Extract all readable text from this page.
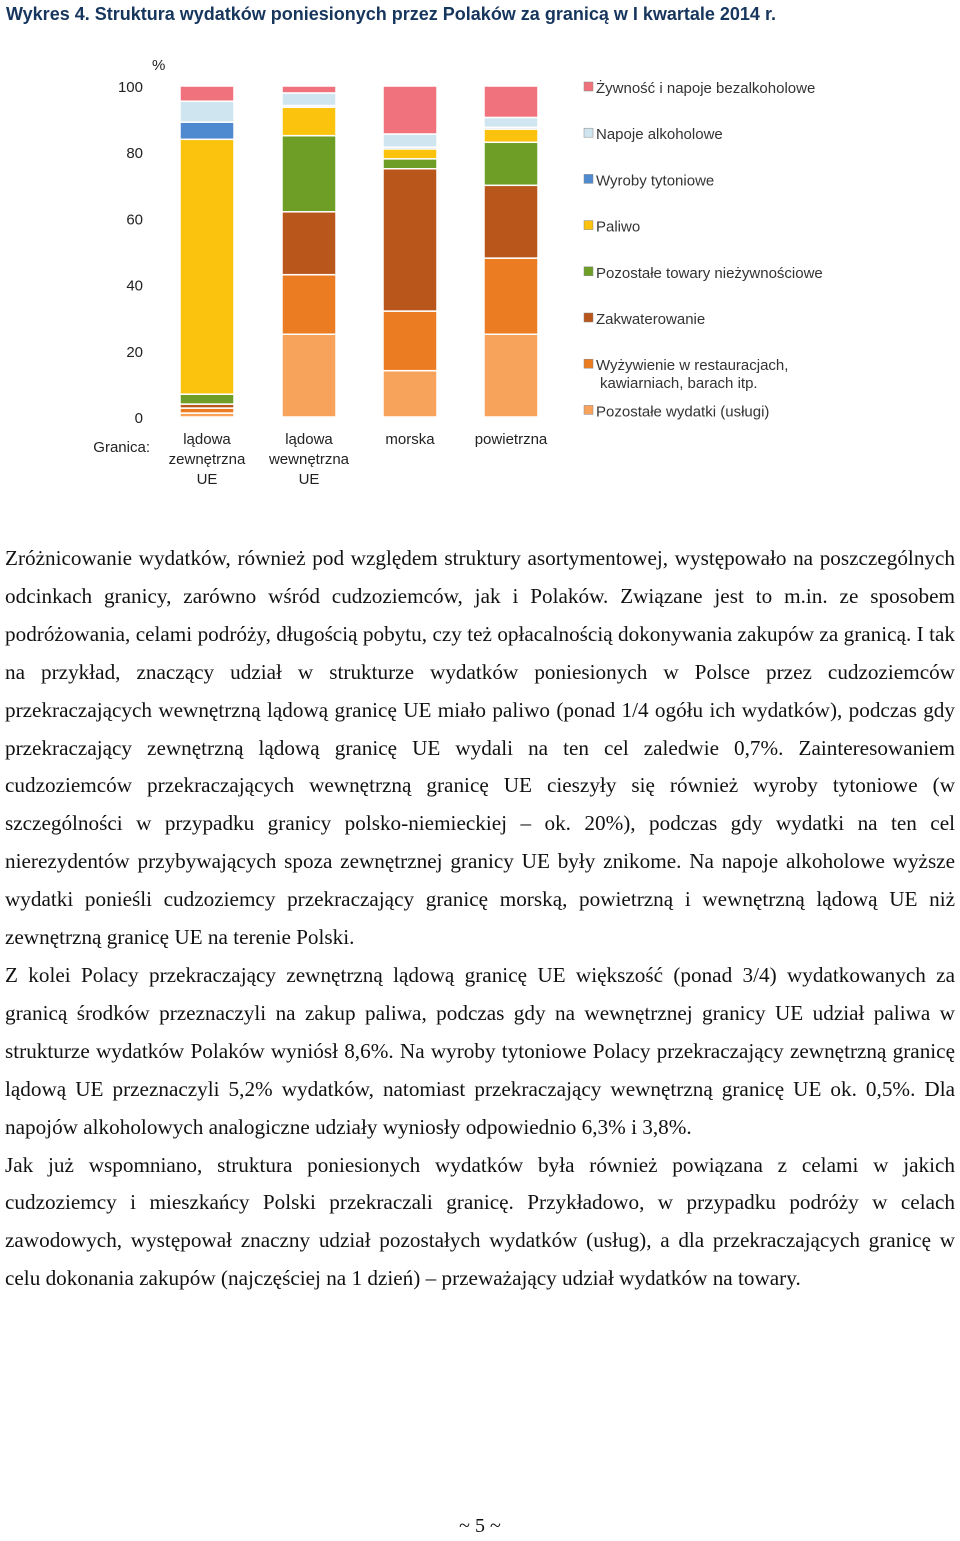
Wykres 4. Struktura wydatków poniesionych przez Polaków za granicą w I kwartale 2014 r.
0
20
40
60
80
100
%
lądowa
zewnętrzna
UE
lądowa
wewnętrzna
UE
morska	powietrzna
Granica:
Żywność i napoje bezalkoholowe
Napoje alkoholowe
Wyroby tytoniowe
Paliwo
Pozostałe towary nieżywnościowe
Zakwaterowanie
Wyżywienie w restauracjach,
kawiarniach, barach itp.
Pozostałe wydatki (usługi)

Zróżnicowanie wydatków, również pod względem struktury asortymentowej, występowało na poszczególnych odcinkach granicy, zarówno wśród cudzoziemców, jak i Polaków. Związane jest to m.in. ze sposobem podróżowania, celami podróży, długością pobytu, czy też opłacalnością dokonywania zakupów za granicą. I tak na przykład, znaczący udział w strukturze wydatków poniesionych w Polsce przez cudzoziemców przekraczających wewnętrzną lądową granicę UE miało paliwo (ponad 1/4 ogółu ich wydatków), podczas gdy przekraczający zewnętrzną lądową granicę UE wydali na ten cel zaledwie 0,7%. Zainteresowaniem cudzoziemców przekraczających wewnętrzną granicę UE cieszyły się również wyroby tytoniowe (w szczególności w przypadku granicy polsko-niemieckiej – ok. 20%), podczas gdy wydatki na ten cel nierezydentów przybywających spoza zewnętrznej granicy UE były znikome. Na napoje alkoholowe wyższe wydatki ponieśli cudzoziemcy przekraczający granicę morską, powietrzną i wewnętrzną lądową UE niż zewnętrzną granicę UE na terenie Polski.

Z kolei Polacy przekraczający zewnętrzną lądową granicę UE większość (ponad 3/4) wydatkowanych za granicą środków przeznaczyli na zakup paliwa, podczas gdy na wewnętrznej granicy UE udział paliwa w strukturze wydatków Polaków wyniósł 8,6%. Na wyroby tytoniowe Polacy przekraczający zewnętrzną granicę lądową UE przeznaczyli 5,2% wydatków, natomiast przekraczający wewnętrzną granicę UE ok. 0,5%. Dla napojów alkoholowych analogiczne udziały wyniosły odpowiednio 6,3% i 3,8%.

Jak już wspomniano, struktura poniesionych wydatków była również powiązana z celami w jakich cudzoziemcy i mieszkańcy Polski przekraczali granicę. Przykładowo, w przypadku podróży w celach zawodowych, występował znaczny udział pozostałych wydatków (usług), a dla przekraczających granicę w celu dokonania zakupów (najczęściej na 1 dzień) – przeważający udział wydatków na towary.

~ 5 ~
